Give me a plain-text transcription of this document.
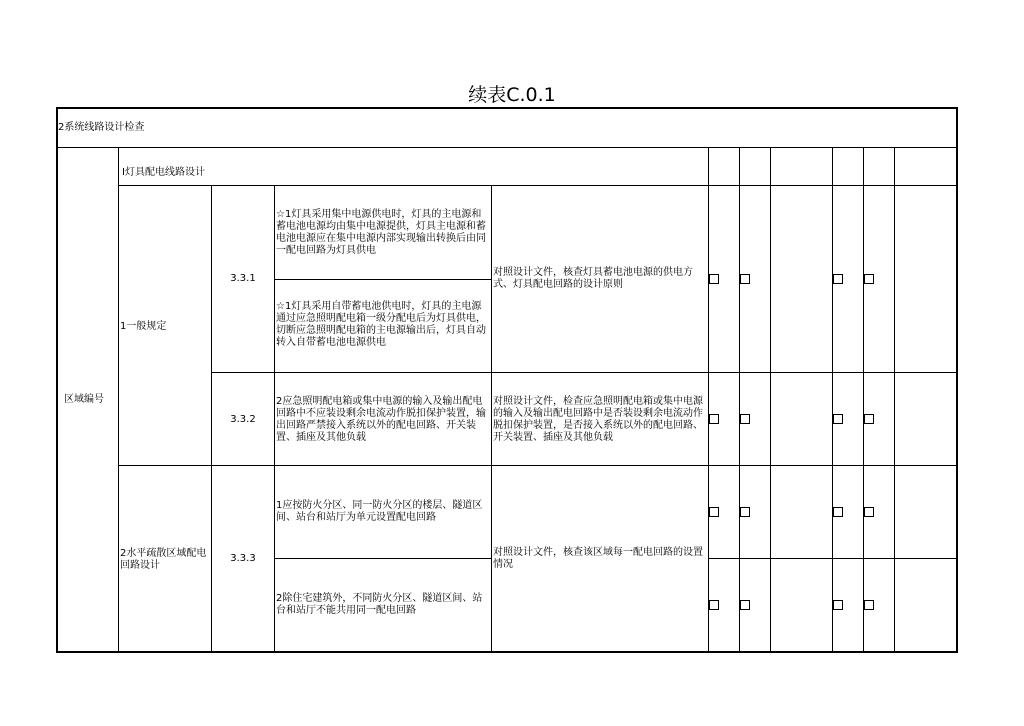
续表C.0.1
2系统线路设计检查
区域编号
Ⅰ灯具配电线路设计
1一般规定
2水平疏散区域配电回路设计
3.3.1
3.3.2
3.3.3
☆1灯具采用集中电源供电时，灯具的主电源和蓄电池电源均由集中电源提供，灯具主电源和蓄电池电源应在集中电源内部实现输出转换后由同一配电回路为灯具供电
☆1灯具采用自带蓄电池供电时，灯具的主电源通过应急照明配电箱一级分配电后为灯具供电，切断应急照明配电箱的主电源输出后，灯具自动转入自带蓄电池电源供电
2应急照明配电箱或集中电源的输入及输出配电回路中不应装设剩余电流动作脱扣保护装置，输出回路严禁接入系统以外的配电回路、开关装置、插座及其他负载
1应按防火分区、同一防火分区的楼层、隧道区间、站台和站厅为单元设置配电回路
2除住宅建筑外，不同防火分区、隧道区间、站台和站厅不能共用同一配电回路
对照设计文件，核查灯具蓄电池电源的供电方式、灯具配电回路的设计原则
对照设计文件，检查应急照明配电箱或集中电源的输入及输出配电回路中是否装设剩余电流动作脱扣保护装置，是否接入系统以外的配电回路、开关装置、插座及其他负载
对照设计文件，核查该区域每一配电回路的设置情况
